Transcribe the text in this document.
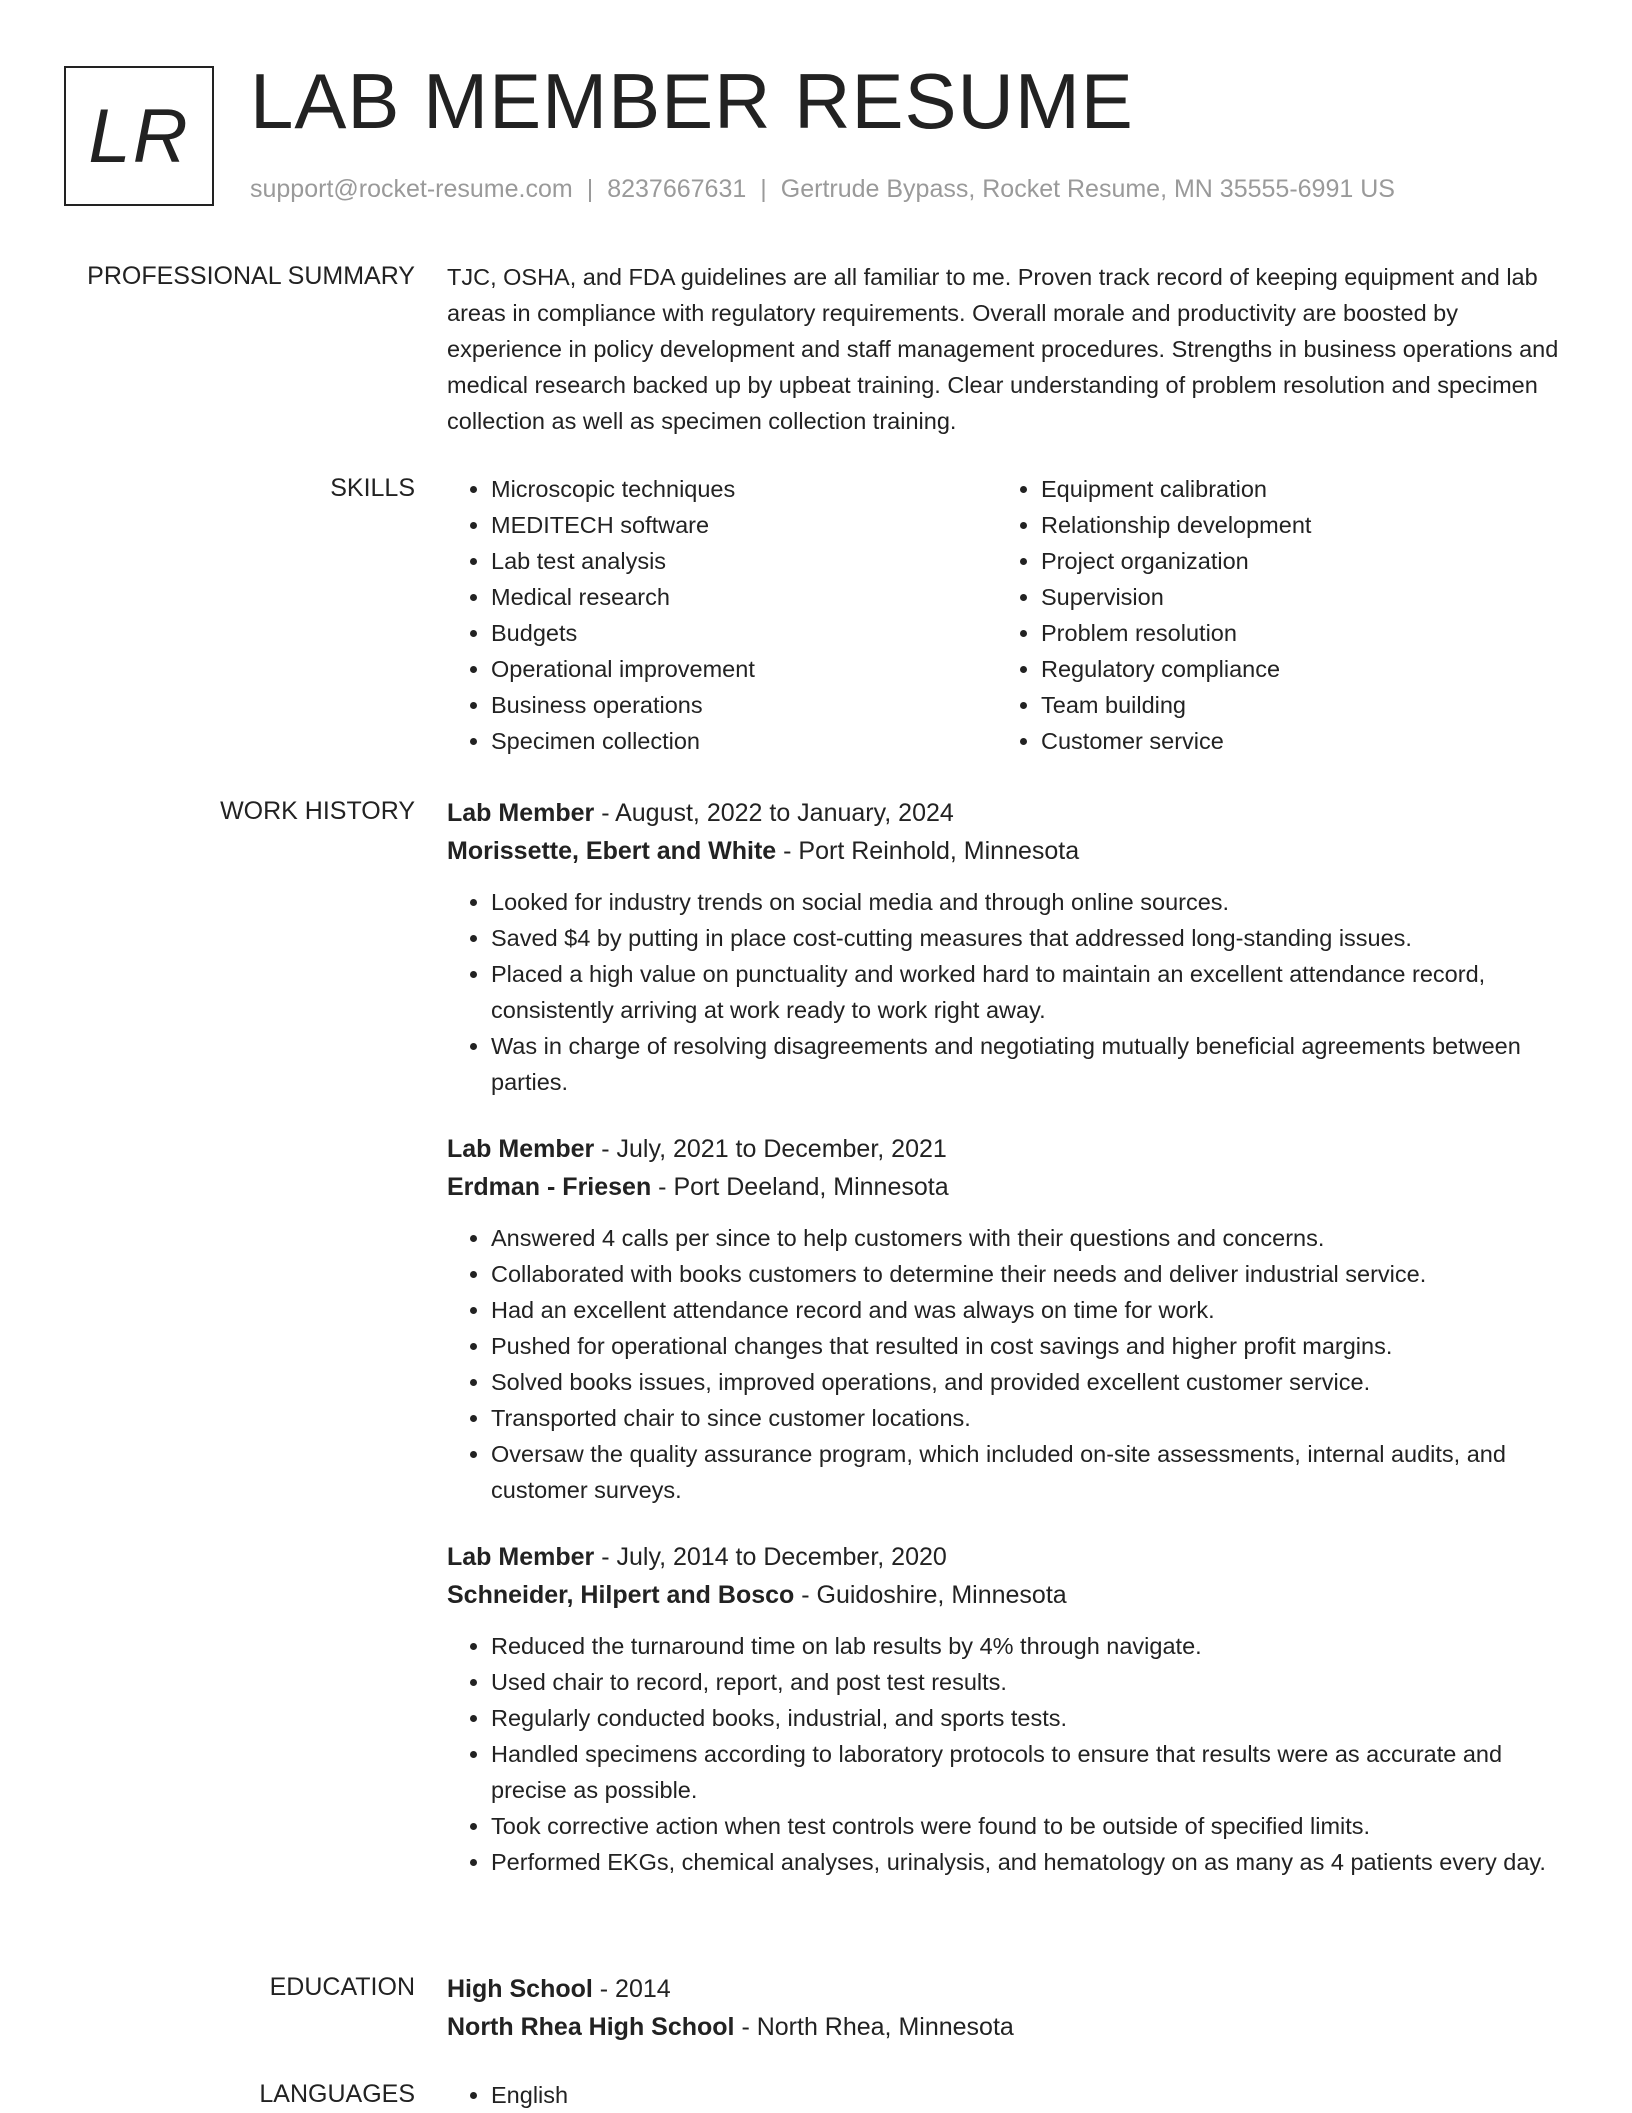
LR LAB MEMBER RESUME
support@rocket-resume.com | 8237667631 | Gertrude Bypass, Rocket Resume, MN 35555-6991 US
PROFESSIONAL SUMMARY TJC, OSHA, and FDA guidelines are all familiar to me. Proven track record of keeping equipment and lab areas in compliance with regulatory requirements. Overall morale and productivity are boosted by experience in policy development and staff management procedures. Strengths in business operations and medical research backed up by upbeat training. Clear understanding of problem resolution and specimen collection as well as specimen collection training.

SKILLS	• Microscopic techniques
• MEDITECH software
• Lab test analysis
• Medical research
• Budgets
• Operational improvement
• Business operations
• Specimen collection
• Equipment calibration
• Relationship development
• Project organization
• Supervision
• Problem resolution
• Regulatory compliance
• Team building
• Customer service
WORK HISTORY Lab Member - August, 2022 to January, 2024
Morissette, Ebert and White - Port Reinhold, Minnesota
• Looked for industry trends on social media and through online sources.
• Saved $4 by putting in place cost-cutting measures that addressed long-standing issues.
• Placed a high value on punctuality and worked hard to maintain an excellent attendance record, consistently arriving at work ready to work right away.
• Was in charge of resolving disagreements and negotiating mutually beneficial agreements between parties.
Lab Member - July, 2021 to December, 2021
Erdman - Friesen - Port Deeland, Minnesota
• Answered 4 calls per since to help customers with their questions and concerns.
• Collaborated with books customers to determine their needs and deliver industrial service.
• Had an excellent attendance record and was always on time for work.
• Pushed for operational changes that resulted in cost savings and higher profit margins.
• Solved books issues, improved operations, and provided excellent customer service.
• Transported chair to since customer locations.
• Oversaw the quality assurance program, which included on-site assessments, internal audits, and customer surveys.
Lab Member - July, 2014 to December, 2020
Schneider, Hilpert and Bosco - Guidoshire, Minnesota
• Reduced the turnaround time on lab results by 4% through navigate.
• Used chair to record, report, and post test results.
• Regularly conducted books, industrial, and sports tests.
• Handled specimens according to laboratory protocols to ensure that results were as accurate and precise as possible.
• Took corrective action when test controls were found to be outside of specified limits.
• Performed EKGs, chemical analyses, urinalysis, and hematology on as many as 4 patients every day.
EDUCATION High School - 2014
North Rhea High School - North Rhea, Minnesota
LANGUAGES	• English
